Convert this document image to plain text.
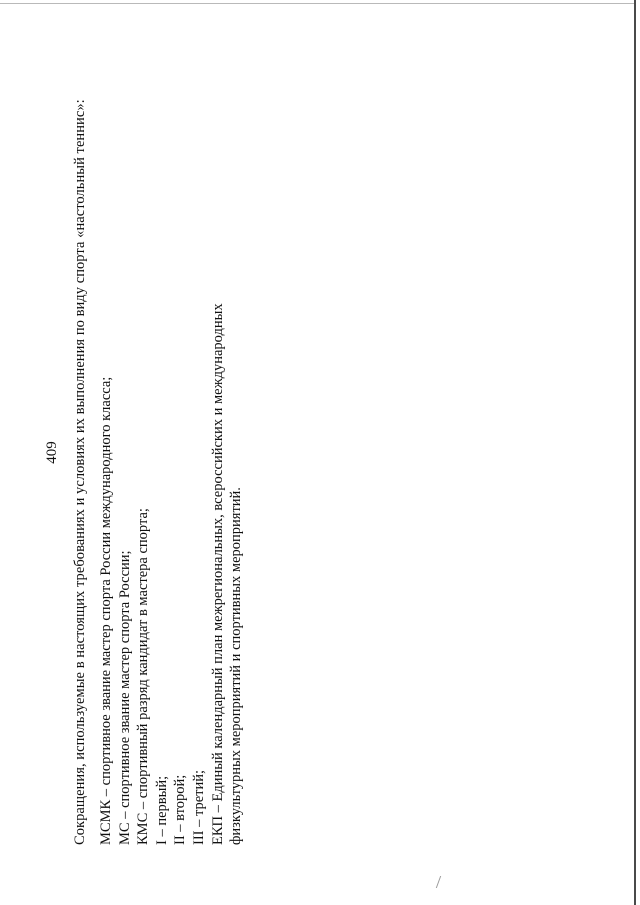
409 Сокращения, используемые в настоящих требованиях и условиях их выполнения по виду спорта «настольный теннис»: МСМК – спортивное звание мастер спорта России международного класса; МС – спортивное звание мастер спорта России; КМС – спортивный разряд кандидат в мастера спорта; I – первый; II – второй; III – третий; ЕКП – Единый календарный план межрегиональных, всероссийских и международных физкультурных мероприятий и спортивных мероприятий.
